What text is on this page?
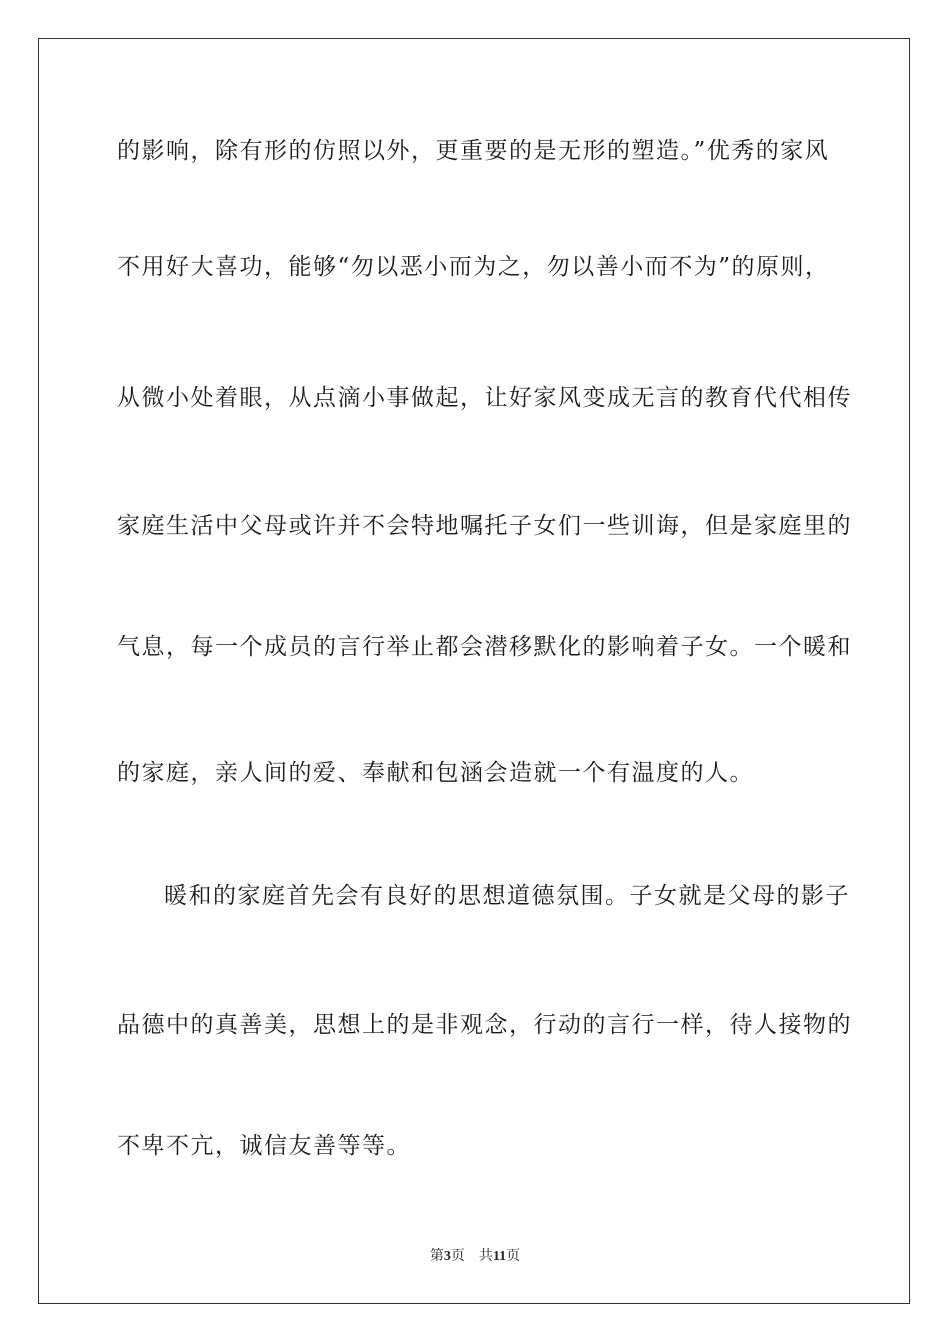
的影响，除有形的仿照以外，更重要的是无形的塑造。”优秀的家风
不用好大喜功，能够“勿以恶小而为之，勿以善小而不为”的原则，
从微小处着眼，从点滴小事做起，让好家风变成无言的教育代代相传
家庭生活中父母或许并不会特地嘱托子女们一些训诲，但是家庭里的
气息，每一个成员的言行举止都会潜移默化的影响着子女。一个暖和
的家庭，亲人间的爱、奉献和包涵会造就一个有温度的人。
暖和的家庭首先会有良好的思想道德氛围。子女就是父母的影子
品德中的真善美，思想上的是非观念，行动的言行一样，待人接物的
不卑不亢，诚信友善等等。
第3页 共11页
